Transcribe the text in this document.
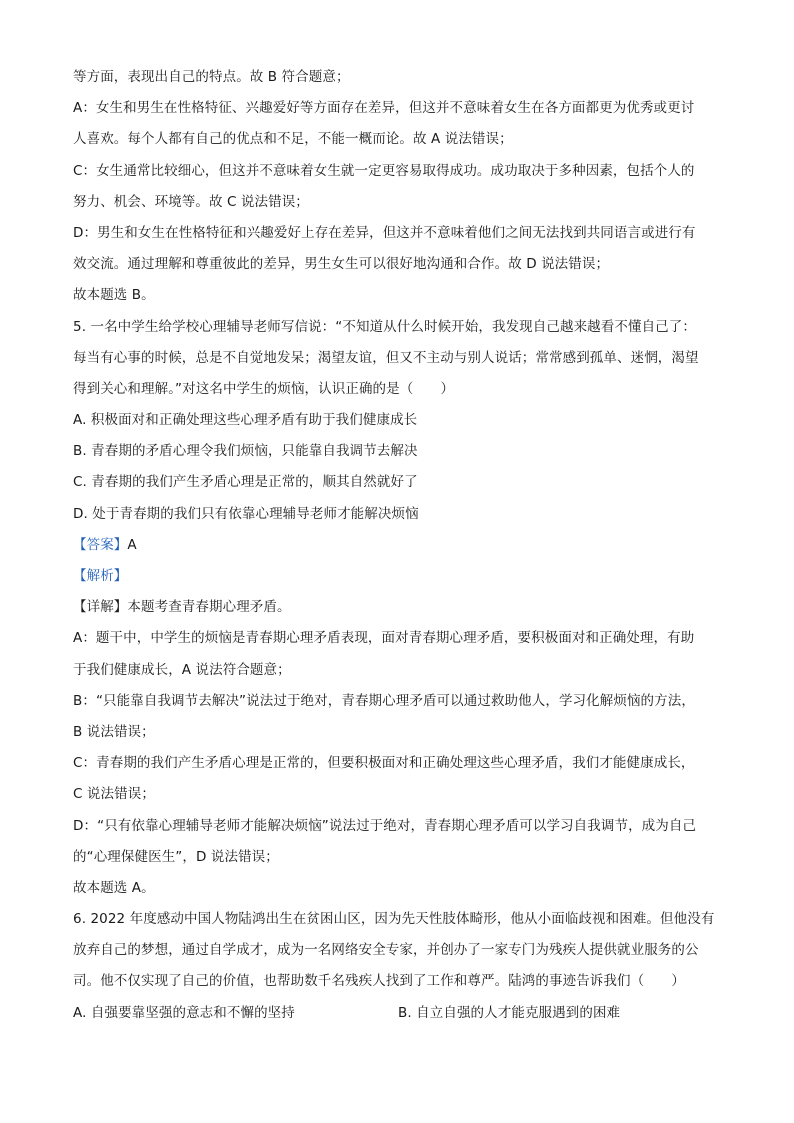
等方面，表现出自己的特点。故 B 符合题意；
A：女生和男生在性格特征、兴趣爱好等方面存在差异，但这并不意味着女生在各方面都更为优秀或更讨
人喜欢。每个人都有自己的优点和不足，不能一概而论。故 A 说法错误；
C：女生通常比较细心，但这并不意味着女生就一定更容易取得成功。成功取决于多种因素，包括个人的
努力、机会、环境等。故 C 说法错误；
D：男生和女生在性格特征和兴趣爱好上存在差异，但这并不意味着他们之间无法找到共同语言或进行有
效交流。通过理解和尊重彼此的差异，男生女生可以很好地沟通和合作。故 D 说法错误；
故本题选 B。
5. 一名中学生给学校心理辅导老师写信说：“不知道从什么时候开始，我发现自己越来越看不懂自己了：
每当有心事的时候，总是不自觉地发呆；渴望友谊，但又不主动与别人说话；常常感到孤单、迷惘，渴望
得到关心和理解。”对这名中学生的烦恼，认识正确的是（　　）
A. 积极面对和正确处理这些心理矛盾有助于我们健康成长
B. 青春期的矛盾心理令我们烦恼，只能靠自我调节去解决
C. 青春期的我们产生矛盾心理是正常的，顺其自然就好了
D. 处于青春期的我们只有依靠心理辅导老师才能解决烦恼
【答案】A
【解析】
【详解】本题考查青春期心理矛盾。
A：题干中，中学生的烦恼是青春期心理矛盾表现，面对青春期心理矛盾，要积极面对和正确处理，有助
于我们健康成长，A 说法符合题意；
B：“只能靠自我调节去解决”说法过于绝对，青春期心理矛盾可以通过救助他人，学习化解烦恼的方法，
B 说法错误；
C：青春期的我们产生矛盾心理是正常的，但要积极面对和正确处理这些心理矛盾，我们才能健康成长，
C 说法错误；
D：“只有依靠心理辅导老师才能解决烦恼”说法过于绝对，青春期心理矛盾可以学习自我调节，成为自己
的“心理保健医生”，D 说法错误；
故本题选 A。
6. 2022 年度感动中国人物陆鸿出生在贫困山区，因为先天性肢体畸形，他从小面临歧视和困难。但他没有
放弃自己的梦想，通过自学成才，成为一名网络安全专家，并创办了一家专门为残疾人提供就业服务的公
司。他不仅实现了自己的价值，也帮助数千名残疾人找到了工作和尊严。陆鸿的事迹告诉我们（　　）
A. 自强要靠坚强的意志和不懈的坚持	B. 自立自强的人才能克服遇到的困难
